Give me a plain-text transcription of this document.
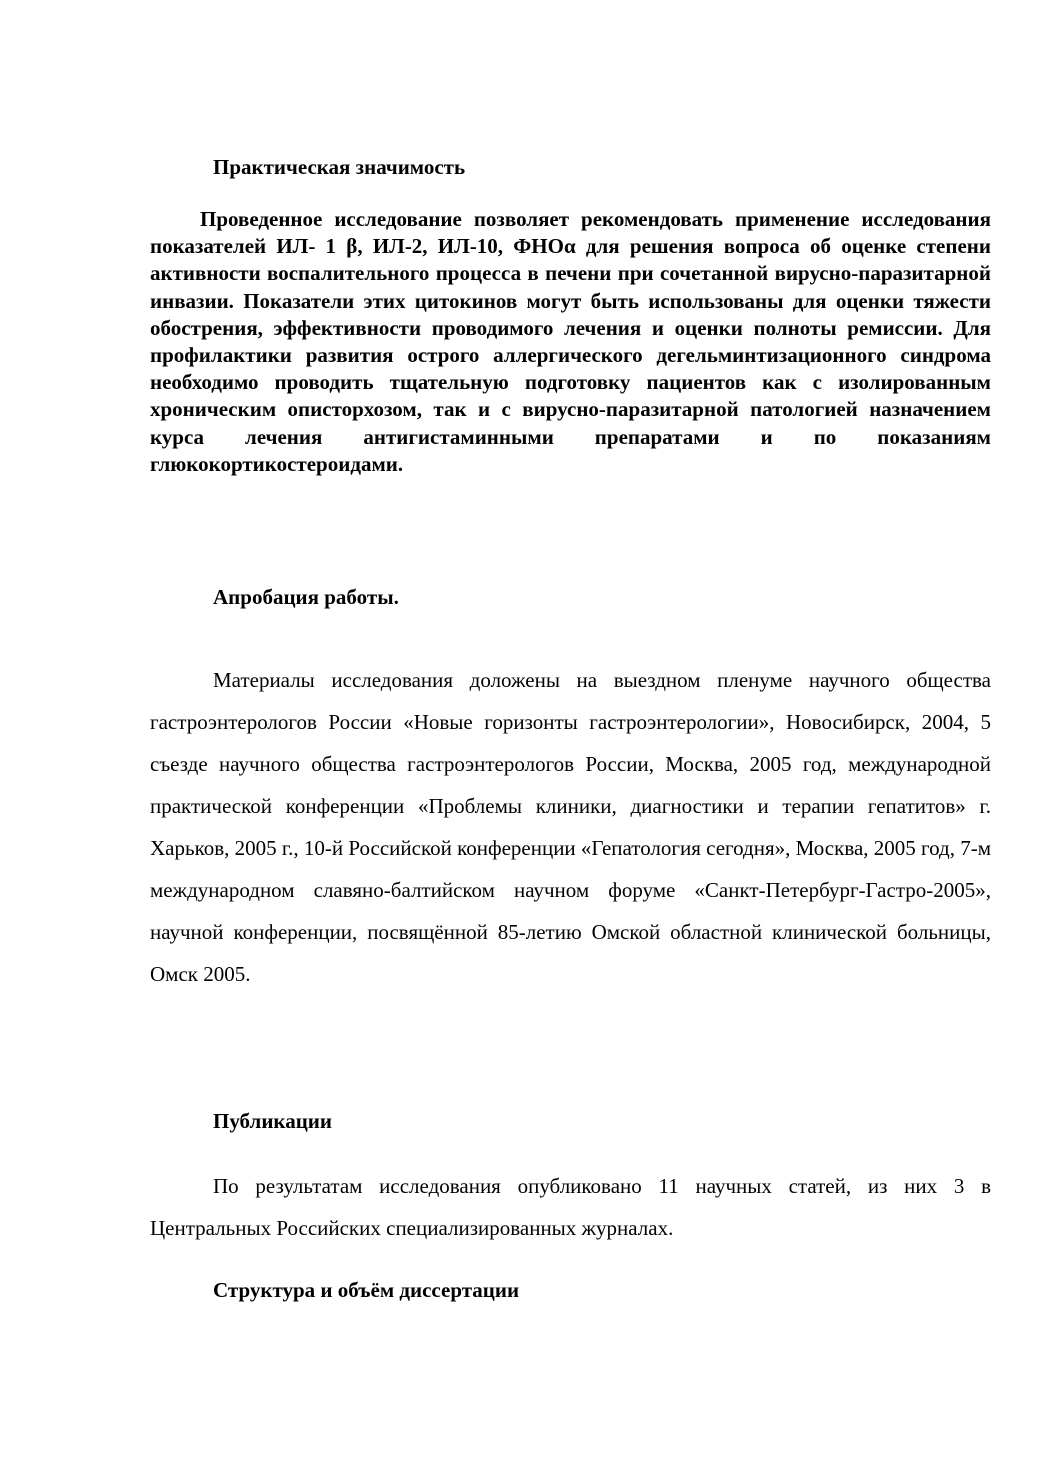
Практическая значимость
Проведенное исследование позволяет рекомендовать применение исследования показателей ИЛ- 1 β, ИЛ-2, ИЛ-10, ФНОα для решения вопроса об оценке степени активности воспалительного процесса в печени при сочетанной вирусно-паразитарной инвазии. Показатели этих цитокинов могут быть использованы для оценки тяжести обострения, эффективности проводимого лечения и оценки полноты ремиссии. Для профилактики развития острого аллергического дегельминтизационного синдрома необходимо проводить тщательную подготовку пациентов как с изолированным хроническим описторхозом, так и с вирусно-паразитарной патологией назначением курса лечения антигистаминными препаратами и по показаниям глюкокортикостероидами.
Апробация работы.
Материалы исследования доложены на выездном пленуме научного общества гастроэнтерологов России «Новые горизонты гастроэнтерологии», Новосибирск, 2004, 5 съезде научного общества гастроэнтерологов России, Москва, 2005 год, международной практической конференции «Проблемы клиники, диагностики и терапии гепатитов» г. Харьков, 2005 г., 10-й Российской конференции «Гепатология сегодня», Москва, 2005 год, 7-м международном славяно-балтийском научном форуме «Санкт-Петербург-Гастро-2005», научной конференции, посвящённой 85-летию Омской областной клинической больницы, Омск 2005.
Публикации
По результатам исследования опубликовано 11 научных статей, из них 3 в Центральных Российских специализированных журналах.
Структура и объём диссертации
